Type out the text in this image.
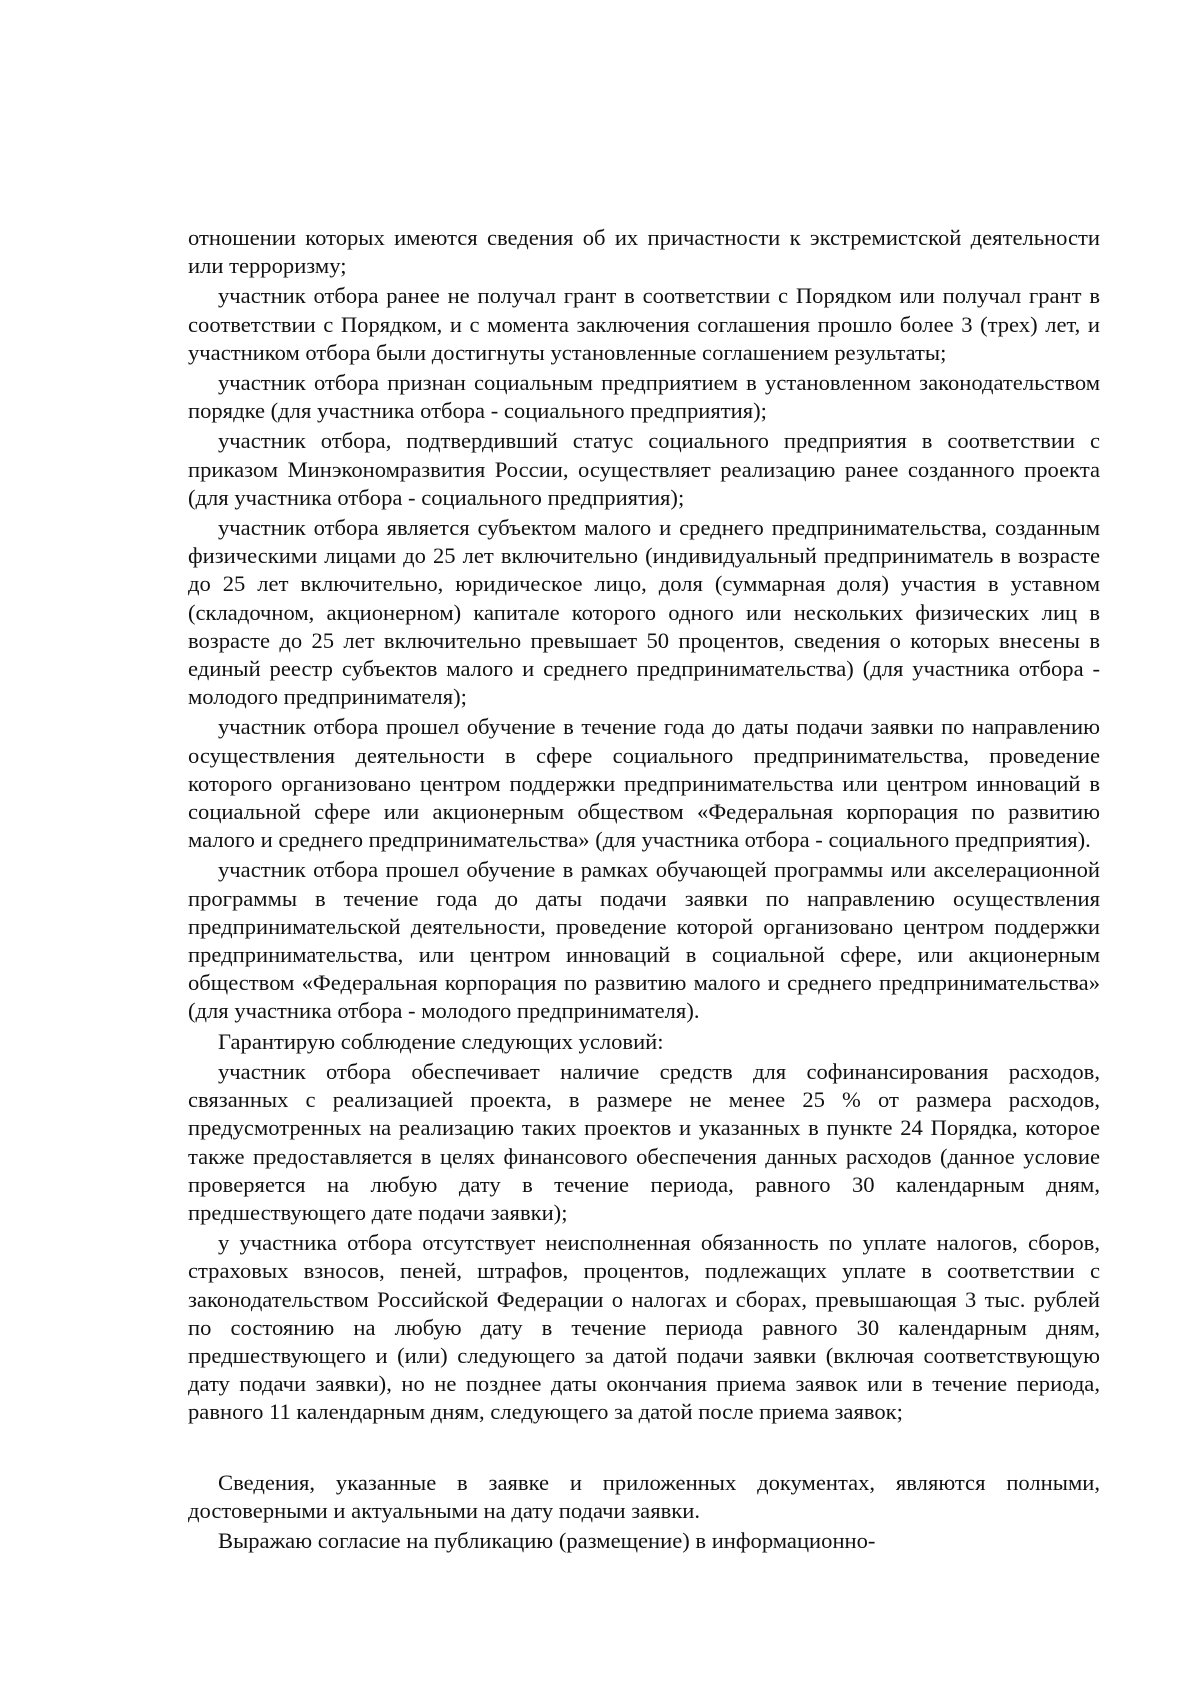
отношении которых имеются сведения об их причастности к экстремистской деятельности или терроризму;

участник отбора ранее не получал грант в соответствии с Порядком или получал грант в соответствии с Порядком, и с момента заключения соглашения прошло более 3 (трех) лет, и участником отбора были достигнуты установленные соглашением результаты;

участник отбора признан социальным предприятием в установленном законодательством порядке (для участника отбора - социального предприятия);

участник отбора, подтвердивший статус социального предприятия в соответствии с приказом Минэкономразвития России, осуществляет реализацию ранее созданного проекта (для участника отбора - социального предприятия);

участник отбора является субъектом малого и среднего предпринимательства, созданным физическими лицами до 25 лет включительно (индивидуальный предприниматель в возрасте до 25 лет включительно, юридическое лицо, доля (суммарная доля) участия в уставном (складочном, акционерном) капитале которого одного или нескольких физических лиц в возрасте до 25 лет включительно превышает 50 процентов, сведения о которых внесены в единый реестр субъектов малого и среднего предпринимательства) (для участника отбора - молодого предпринимателя);

участник отбора прошел обучение в течение года до даты подачи заявки по направлению осуществления деятельности в сфере социального предпринимательства, проведение которого организовано центром поддержки предпринимательства или центром инноваций в социальной сфере или акционерным обществом «Федеральная корпорация по развитию малого и среднего предпринимательства» (для участника отбора - социального предприятия).

участник отбора прошел обучение в рамках обучающей программы или акселерационной программы в течение года до даты подачи заявки по направлению осуществления предпринимательской деятельности, проведение которой организовано центром поддержки предпринимательства, или центром инноваций в социальной сфере, или акционерным обществом «Федеральная корпорация по развитию малого и среднего предпринимательства» (для участника отбора - молодого предпринимателя).

Гарантирую соблюдение следующих условий:

участник отбора обеспечивает наличие средств для софинансирования расходов, связанных с реализацией проекта, в размере не менее 25 % от размера расходов, предусмотренных на реализацию таких проектов и указанных в пункте 24 Порядка, которое также предоставляется в целях финансового обеспечения данных расходов (данное условие проверяется на любую дату в течение периода, равного 30 календарным дням, предшествующего дате подачи заявки);

у участника отбора отсутствует неисполненная обязанность по уплате налогов, сборов, страховых взносов, пеней, штрафов, процентов, подлежащих уплате в соответствии с законодательством Российской Федерации о налогах и сборах, превышающая 3 тыс. рублей по состоянию на любую дату в течение периода равного 30 календарным дням, предшествующего и (или) следующего за датой подачи заявки (включая соответствующую дату подачи заявки), но не позднее даты окончания приема заявок или в течение периода, равного 11 календарным дням, следующего за датой после приема заявок;

Сведения, указанные в заявке и приложенных документах, являются полными, достоверными и актуальными на дату подачи заявки.

Выражаю согласие на публикацию (размещение) в информационно-
